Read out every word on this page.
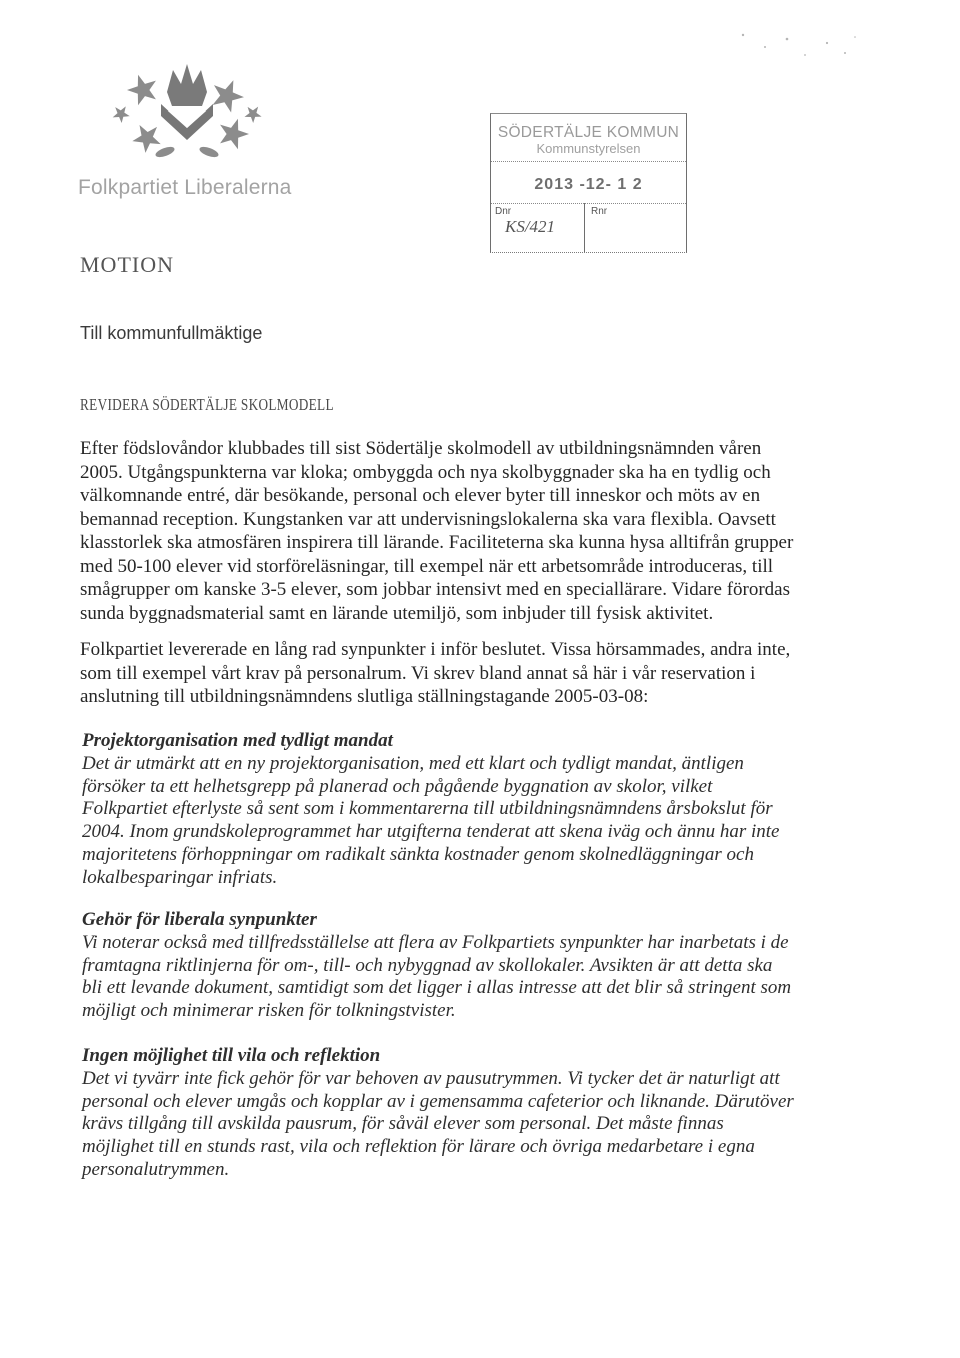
Folkpartiet Liberalerna
SÖDERTÄLJE KOMMUN
Kommunstyrelsen
2013 -12- 1 2
Dnr
KS/421
Rnr
MOTION
Till kommunfullmäktige
REVIDERA SÖDERTÄLJE SKOLMODELL
Efter födslovåndor klubbades till sist Södertälje skolmodell av utbildningsnämnden våren
2005. Utgångspunkterna var kloka; ombyggda och nya skolbyggnader ska ha en tydlig och
välkomnande entré, där besökande, personal och elever byter till inneskor och möts av en
bemannad reception. Kungstanken var att undervisningslokalerna ska vara flexibla. Oavsett
klasstorlek ska atmosfären inspirera till lärande. Faciliteterna ska kunna hysa alltifrån grupper
med 50-100 elever vid storföreläsningar, till exempel när ett arbetsområde introduceras, till
smågrupper om kanske 3-5 elever, som jobbar intensivt med en speciallärare. Vidare förordas
sunda byggnadsmaterial samt en lärande utemiljö, som inbjuder till fysisk aktivitet.
Folkpartiet levererade en lång rad synpunkter i inför beslutet. Vissa hörsammades, andra inte,
som till exempel vårt krav på personalrum. Vi skrev bland annat så här i vår reservation i
anslutning till utbildningsnämndens slutliga ställningstagande 2005-03-08:
Projektorganisation med tydligt mandat
Det är utmärkt att en ny projektorganisation, med ett klart och tydligt mandat, äntligen
försöker ta ett helhetsgrepp på planerad och pågående byggnation av skolor, vilket
Folkpartiet efterlyste så sent som i kommentarerna till utbildningsnämndens årsbokslut för
2004. Inom grundskoleprogrammet har utgifterna tenderat att skena iväg och ännu har inte
majoritetens förhoppningar om radikalt sänkta kostnader genom skolnedläggningar och
lokalbesparingar infriats.
Gehör för liberala synpunkter
Vi noterar också med tillfredsställelse att flera av Folkpartiets synpunkter har inarbetats i de
framtagna riktlinjerna för om-, till- och nybyggnad av skollokaler. Avsikten är att detta ska
bli ett levande dokument, samtidigt som det ligger i allas intresse att det blir så stringent som
möjligt och minimerar risken för tolkningstvister.
Ingen möjlighet till vila och reflektion
Det vi tyvärr inte fick gehör för var behoven av pausutrymmen. Vi tycker det är naturligt att
personal och elever umgås och kopplar av i gemensamma cafeterior och liknande. Därutöver
krävs tillgång till avskilda pausrum, för såväl elever som personal. Det måste finnas
möjlighet till en stunds rast, vila och reflektion för lärare och övriga medarbetare i egna
personalutrymmen.
